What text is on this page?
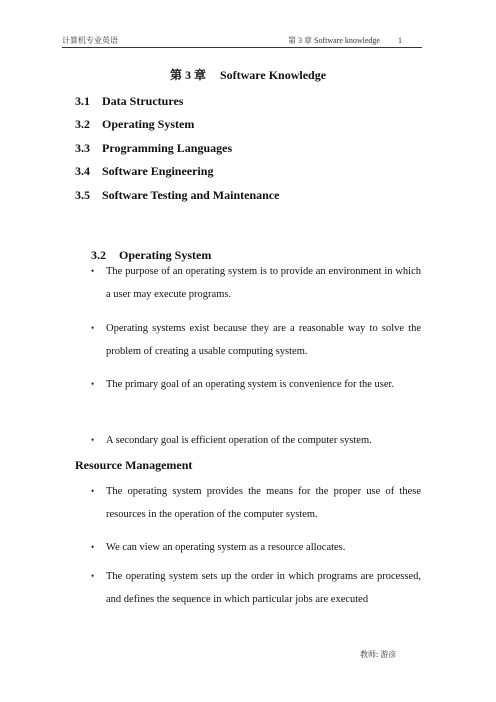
计算机专业英语	第 3 章 Software knowledge 1
第 3 章 Software Knowledge
3.1 Data Structures
3.2 Operating System
3.3 Programming Languages
3.4 Software Engineering
3.5 Software Testing and Maintenance
3.2 Operating System
• The purpose of an operating system is to provide an environment in which a user may execute programs.
• Operating systems exist because they are a reasonable way to solve the problem of creating a usable computing system.
• The primary goal of an operating system is convenience for the user.
• A secondary goal is efficient operation of the computer system.
Resource Management
• The operating system provides the means for the proper use of these resources in the operation of the computer system.
• We can view an operating system as a resource allocates.
• The operating system sets up the order in which programs are processed, and defines the sequence in which particular jobs are executed
教师: 游彦
